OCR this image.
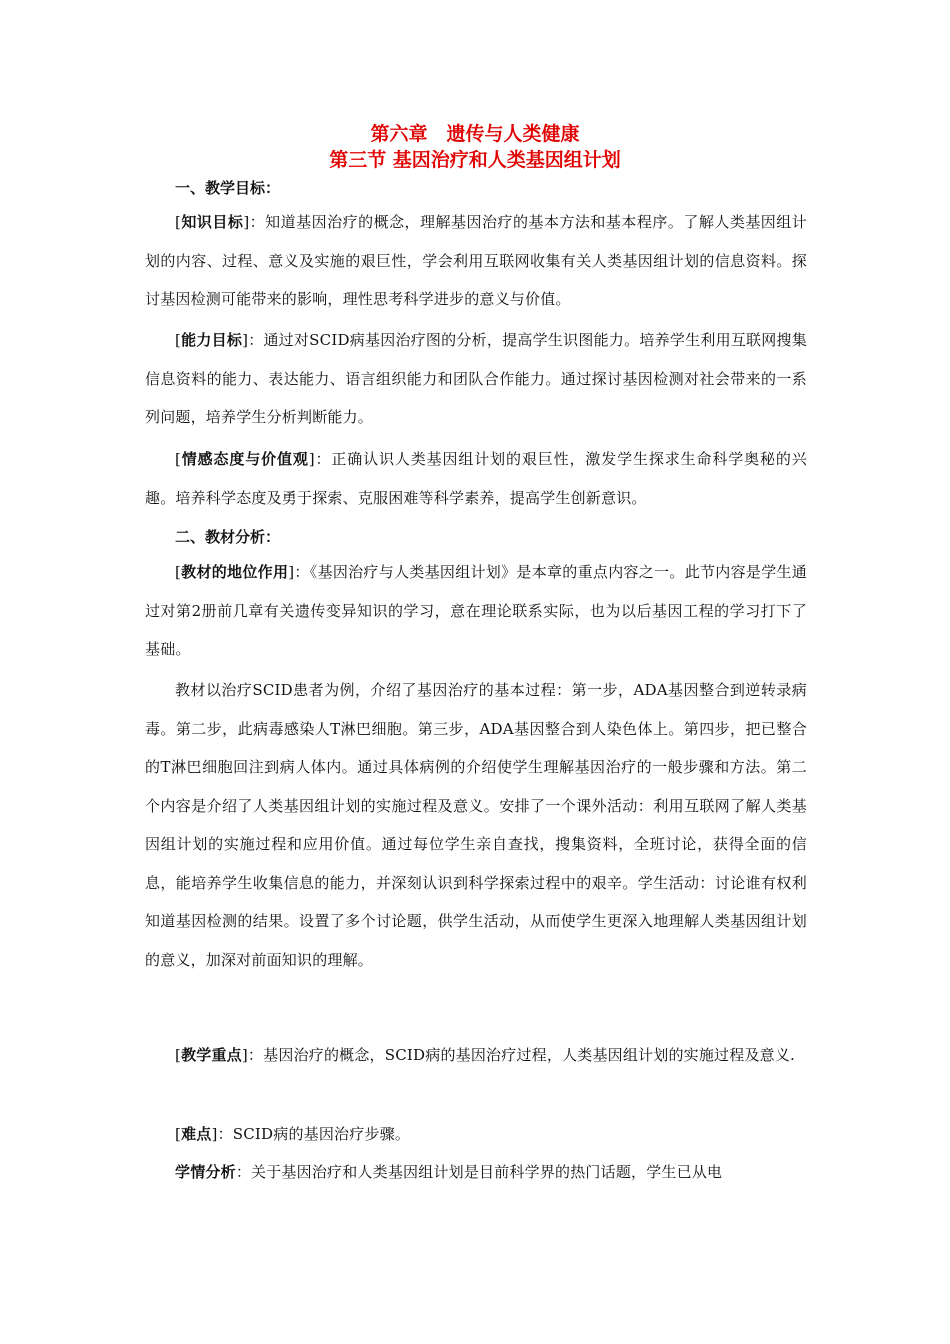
第六章　遗传与人类健康
第三节 基因治疗和人类基因组计划
一、教学目标：
[知识目标]：知道基因治疗的概念，理解基因治疗的基本方法和基本程序。了解人类基因组计划的内容、过程、意义及实施的艰巨性，学会利用互联网收集有关人类基因组计划的信息资料。探讨基因检测可能带来的影响，理性思考科学进步的意义与价值。
[能力目标]：通过对SCID病基因治疗图的分析，提高学生识图能力。培养学生利用互联网搜集信息资料的能力、表达能力、语言组织能力和团队合作能力。通过探讨基因检测对社会带来的一系列问题，培养学生分析判断能力。
[情感态度与价值观]：正确认识人类基因组计划的艰巨性，激发学生探求生命科学奥秘的兴趣。培养科学态度及勇于探索、克服困难等科学素养，提高学生创新意识。
二、教材分析：
[教材的地位作用]：《基因治疗与人类基因组计划》是本章的重点内容之一。此节内容是学生通过对第2册前几章有关遗传变异知识的学习，意在理论联系实际，也为以后基因工程的学习打下了基础。
教材以治疗SCID患者为例，介绍了基因治疗的基本过程：第一步，ADA基因整合到逆转录病毒。第二步，此病毒感染人T淋巴细胞。第三步，ADA基因整合到人染色体上。第四步，把已整合的T淋巴细胞回注到病人体内。通过具体病例的介绍使学生理解基因治疗的一般步骤和方法。第二个内容是介绍了人类基因组计划的实施过程及意义。安排了一个课外活动：利用互联网了解人类基因组计划的实施过程和应用价值。通过每位学生亲自查找，搜集资料，全班讨论，获得全面的信息，能培养学生收集信息的能力，并深刻认识到科学探索过程中的艰辛。学生活动：讨论谁有权利知道基因检测的结果。设置了多个讨论题，供学生活动，从而使学生更深入地理解人类基因组计划的意义，加深对前面知识的理解。
[教学重点]：基因治疗的概念，SCID病的基因治疗过程，人类基因组计划的实施过程及意义.
[难点]：SCID病的基因治疗步骤。
学情分析：关于基因治疗和人类基因组计划是目前科学界的热门话题，学生已从电
